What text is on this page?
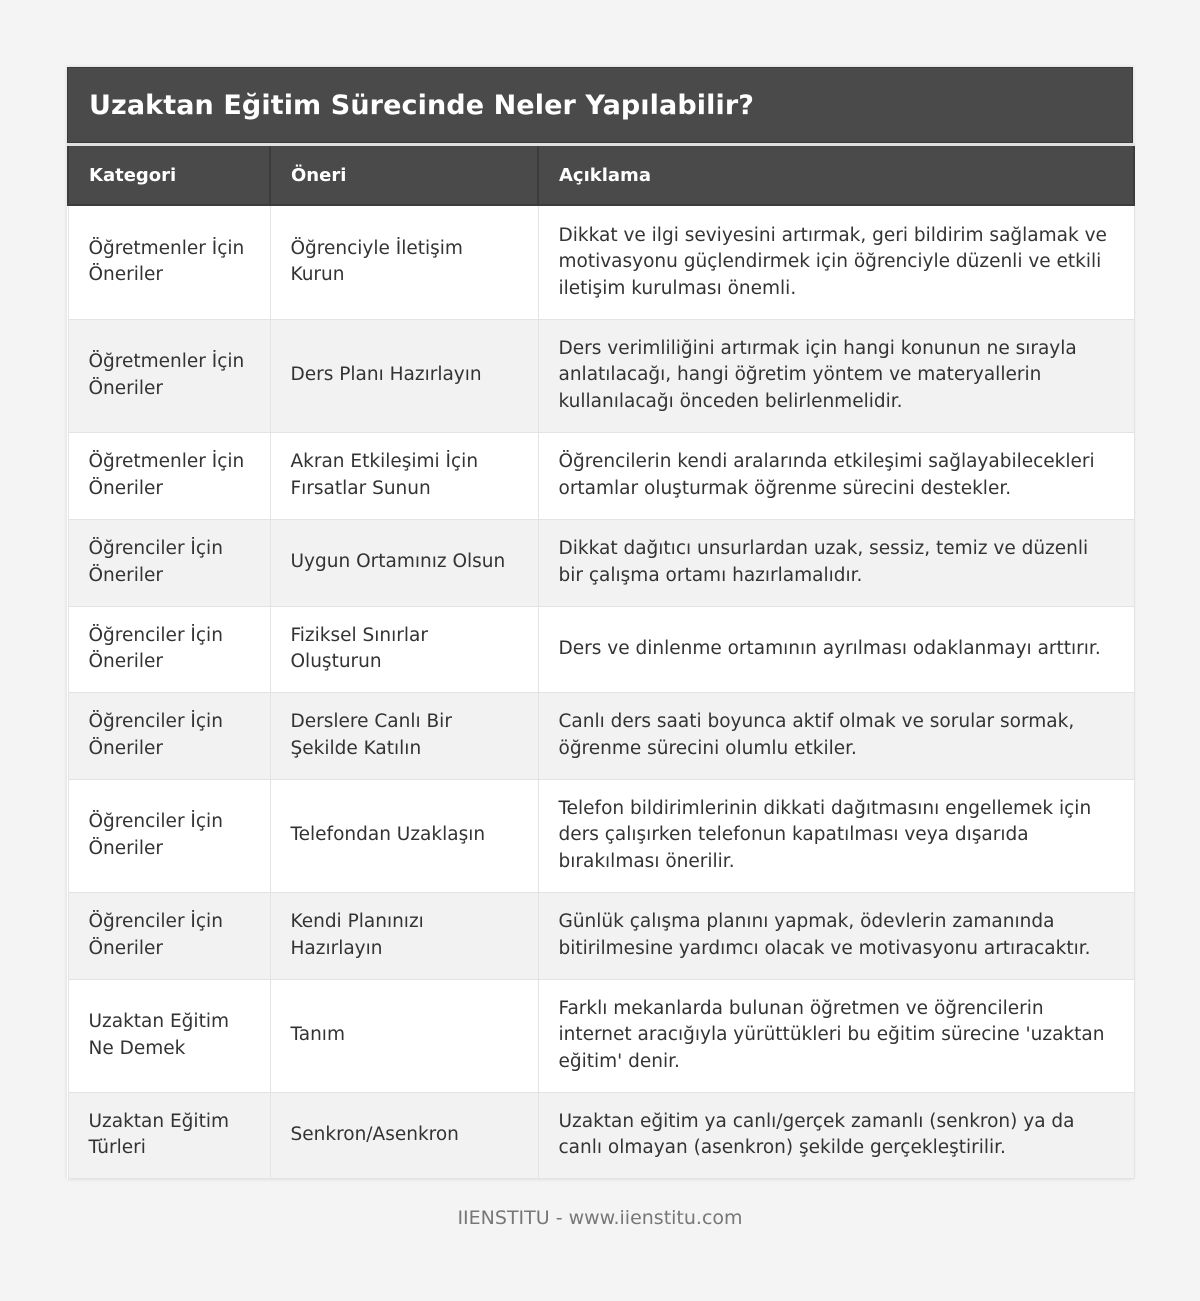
Uzaktan Eğitim Sürecinde Neler Yapılabilir?
Kategori	Öneri	Açıklama
Öğretmenler İçin Öneriler	Öğrenciyle İletişim Kurun	Dikkat ve ilgi seviyesini artırmak, geri bildirim sağlamak ve motivasyonu güçlendirmek için öğrenciyle düzenli ve etkili iletişim kurulması önemli.
Öğretmenler İçin Öneriler	Ders Planı Hazırlayın	Ders verimliliğini artırmak için hangi konunun ne sırayla anlatılacağı, hangi öğretim yöntem ve materyallerin kullanılacağı önceden belirlenmelidir.
Öğretmenler İçin Öneriler	Akran Etkileşimi İçin Fırsatlar Sunun	Öğrencilerin kendi aralarında etkileşimi sağlayabilecekleri ortamlar oluşturmak öğrenme sürecini destekler.
Öğrenciler İçin Öneriler	Uygun Ortamınız Olsun	Dikkat dağıtıcı unsurlardan uzak, sessiz, temiz ve düzenli bir çalışma ortamı hazırlamalıdır.
Öğrenciler İçin Öneriler	Fiziksel Sınırlar Oluşturun	Ders ve dinlenme ortamının ayrılması odaklanmayı arttırır.
Öğrenciler İçin Öneriler	Derslere Canlı Bir Şekilde Katılın	Canlı ders saati boyunca aktif olmak ve sorular sormak, öğrenme sürecini olumlu etkiler.
Öğrenciler İçin Öneriler	Telefondan Uzaklaşın	Telefon bildirimlerinin dikkati dağıtmasını engellemek için ders çalışırken telefonun kapatılması veya dışarıda bırakılması önerilir.
Öğrenciler İçin Öneriler	Kendi Planınızı Hazırlayın	Günlük çalışma planını yapmak, ödevlerin zamanında bitirilmesine yardımcı olacak ve motivasyonu artıracaktır.
Uzaktan Eğitim Ne Demek	Tanım	Farklı mekanlarda bulunan öğretmen ve öğrencilerin internet aracığıyla yürüttükleri bu eğitim sürecine 'uzaktan eğitim' denir.
Uzaktan Eğitim Türleri	Senkron/Asenkron	Uzaktan eğitim ya canlı/gerçek zamanlı (senkron) ya da canlı olmayan (asenkron) şekilde gerçekleştirilir.
IIENSTITU - www.iienstitu.com
